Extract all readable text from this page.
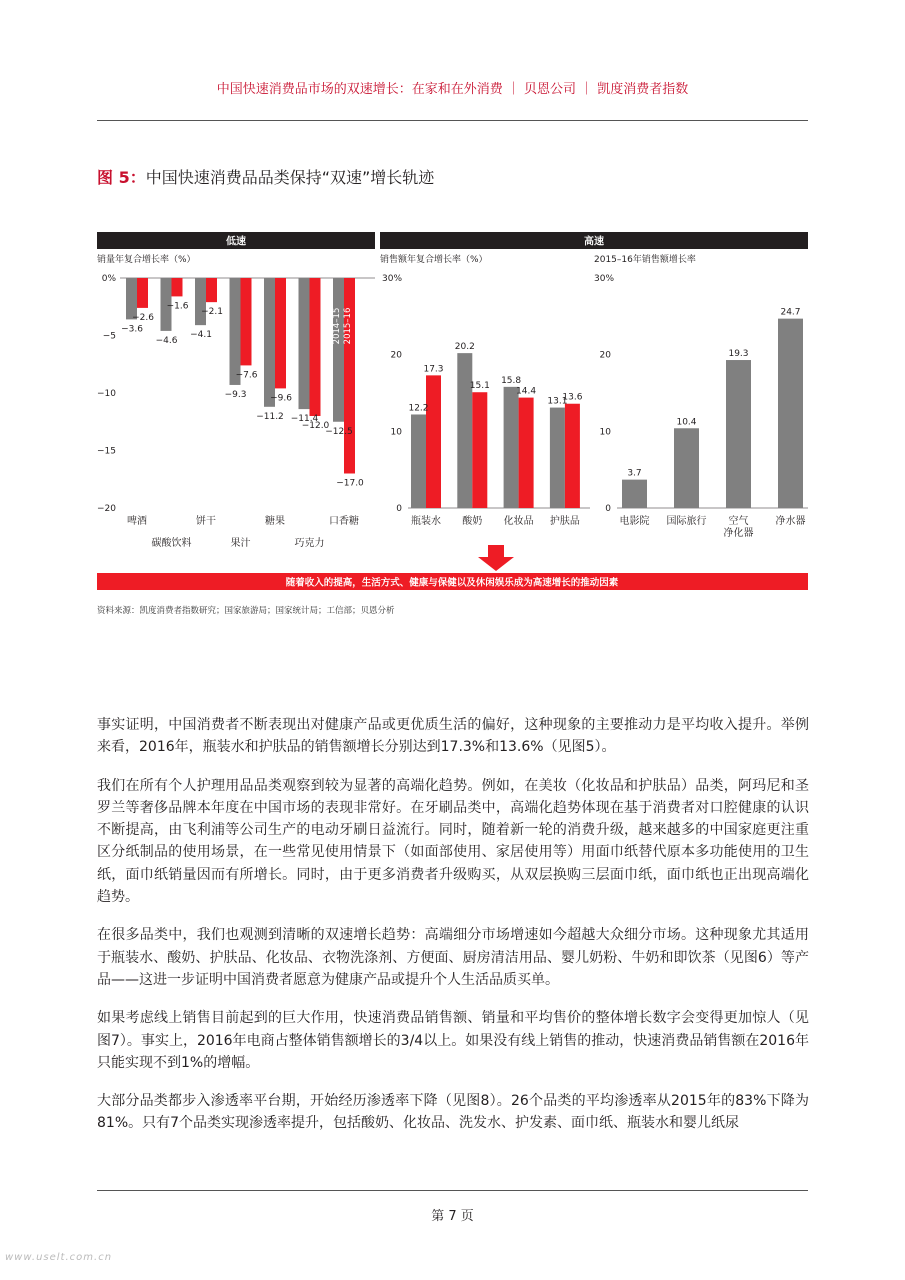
中国快速消费品市场的双速增长：在家和在外消费 ｜ 贝恩公司 ｜ 凯度消费者指数
图 5：中国快速消费品品类保持“双速”增长轨迹
低速	高速
销量年复合增长率（%）
0%
−5
−10
−15
−20
−3.6
−2.6
啤酒
−4.6
−1.6
碳酸饮料
−4.1
−2.1
饼干
−9.3
−7.6
果汁
−11.2
−9.6
糖果
−11.4
−12.0
巧克力
−12.5
−17.0
口香糖
2014–15 2015–16
销售额年复合增长率（%）
30%
20
10
0
12.2
17.3
瓶装水
20.2
15.1
酸奶
15.8
14.4
化妆品
13.1
13.6
护肤品
2015–16年销售额增长率
30%
20
10
0
3.7
电影院
10.4
国际旅行
19.3
空气
净化器
24.7
净水器
随着收入的提高，生活方式、健康与保健以及休闲娱乐成为高速增长的推动因素
资料来源：凯度消费者指数研究；国家旅游局；国家统计局；工信部；贝恩分析

事实证明，中国消费者不断表现出对健康产品或更优质生活的偏好，这种现象的主要推动力是平均收入提升。举例来看，2016年，瓶装水和护肤品的销售额增长分别达到17.3%和13.6%（见图5）。

我们在所有个人护理用品品类观察到较为显著的高端化趋势。例如，在美妆（化妆品和护肤品）品类，阿玛尼和圣罗兰等奢侈品牌本年度在中国市场的表现非常好。在牙刷品类中，高端化趋势体现在基于消费者对口腔健康的认识不断提高，由飞利浦等公司生产的电动牙刷日益流行。同时，随着新一轮的消费升级，越来越多的中国家庭更注重区分纸制品的使用场景，在一些常见使用情景下（如面部使用、家居使用等）用面巾纸替代原本多功能使用的卫生纸，面巾纸销量因而有所增长。同时，由于更多消费者升级购买，从双层换购三层面巾纸，面巾纸也正出现高端化趋势。

在很多品类中，我们也观测到清晰的双速增长趋势：高端细分市场增速如今超越大众细分市场。这种现象尤其适用于瓶装水、酸奶、护肤品、化妆品、衣物洗涤剂、方便面、厨房清洁用品、婴儿奶粉、牛奶和即饮茶（见图6）等产品——这进一步证明中国消费者愿意为健康产品或提升个人生活品质买单。

如果考虑线上销售目前起到的巨大作用，快速消费品销售额、销量和平均售价的整体增长数字会变得更加惊人（见图7）。事实上，2016年电商占整体销售额增长的3/4以上。如果没有线上销售的推动，快速消费品销售额在2016年只能实现不到1%的增幅。

大部分品类都步入渗透率平台期，开始经历渗透率下降（见图8）。26个品类的平均渗透率从2015年的83%下降为81%。只有7个品类实现渗透率提升，包括酸奶、化妆品、洗发水、护发素、面巾纸、瓶装水和婴儿纸尿

第 7 页
www.uselt.com.cn
